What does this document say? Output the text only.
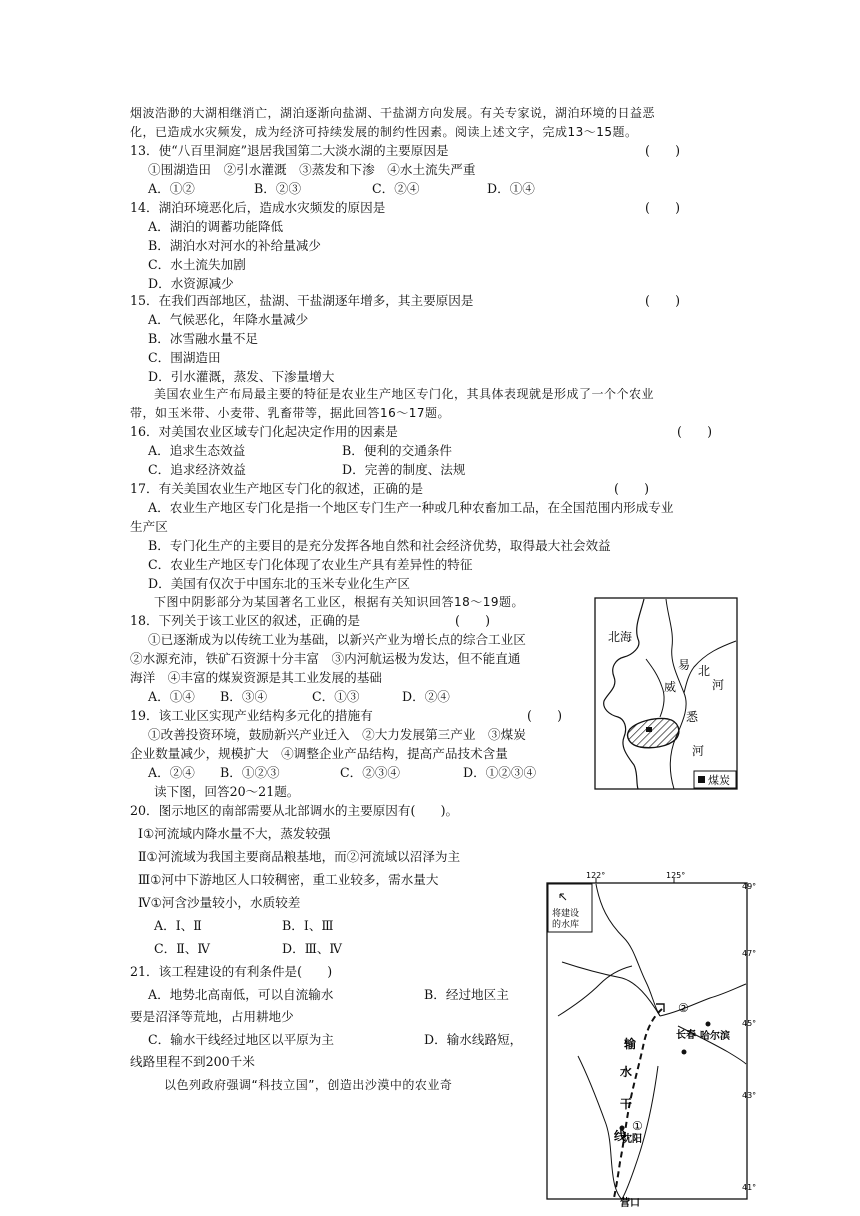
烟波浩渺的大湖相继消亡，湖泊逐渐向盐湖、干盐湖方向发展。有关专家说，湖泊环境的日益恶
化，已造成水灾频发，成为经济可持续发展的制约性因素。阅读上述文字，完成13～15题。
13．使“八百里洞庭”退居我国第二大淡水湖的主要原因是	(　　)
①围湖造田　②引水灌溉　③蒸发和下渗　④水土流失严重
A．①②	B．②③	C．②④	D．①④
14．湖泊环境恶化后，造成水灾频发的原因是	(　　)
A．湖泊的调蓄功能降低
B．湖泊水对河水的补给量减少
C．水土流失加剧
D．水资源减少
15．在我们西部地区，盐湖、干盐湖逐年增多，其主要原因是	(　　)
A．气候恶化，年降水量减少
B．冰雪融水量不足
C．围湖造田
D．引水灌溉，蒸发、下渗量增大
美国农业生产布局最主要的特征是农业生产地区专门化，其具体表现就是形成了一个个农业
带，如玉米带、小麦带、乳畜带等，据此回答16～17题。
16．对美国农业区域专门化起决定作用的因素是	(　　)
A．追求生态效益	B．便利的交通条件
C．追求经济效益	D．完善的制度、法规
17．有关美国农业生产地区专门化的叙述，正确的是	(　　)
A．农业生产地区专门化是指一个地区专门生产一种或几种农畜加工品，在全国范围内形成专业
生产区
B．专门化生产的主要目的是充分发挥各地自然和社会经济优势，取得最大社会效益
C．农业生产地区专门化体现了农业生产具有差异性的特征
D．美国有仅次于中国东北的玉米专业化生产区
下图中阴影部分为某国著名工业区，根据有关知识回答18～19题。
18．下列关于该工业区的叙述，正确的是	(　　)
①已逐渐成为以传统工业为基础，以新兴产业为增长点的综合工业区
②水源充沛，铁矿石资源十分丰富　③内河航运极为发达，但不能直通
海洋　④丰富的煤炭资源是其工业发展的基础
A．①④ B．③④	C．①③	D．②④
19．该工业区实现产业结构多元化的措施有	(　　)
①改善投资环境，鼓励新兴产业迁入　②大力发展第三产业　③煤炭
企业数量减少，规模扩大　④调整企业产品结构，提高产品技术含量
A．②④ B．①②③	C．②③④	D．①②③④
读下图，回答20～21题。
20．图示地区的南部需要从北部调水的主要原因有(　　)。
Ⅰ①河流域内降水量不大，蒸发较强
Ⅱ①河流域为我国主要商品粮基地，而②河流域以沼泽为主
Ⅲ①河中下游地区人口较稠密，重工业较多，需水量大
Ⅳ①河含沙量较小，水质较差
A．Ⅰ、Ⅱ	B．Ⅰ、Ⅲ
C．Ⅱ、Ⅳ	D．Ⅲ、Ⅳ
21．该工程建设的有利条件是(　　)
A．地势北高南低，可以自流输水	B．经过地区主
要是沼泽等荒地，占用耕地少
C．输水干线经过地区以平原为主	D．输水线路短，
线路里程不到200千米
以色列政府强调“科技立国”，创造出沙漠中的农业奇
北海
易 北
河
威
悉
河
煤炭
122°	125°
49°
47°
45°
43°
41°
将建设
的水库
哈尔滨
长春
沈阳
营口
输
水
干
线
①
②
